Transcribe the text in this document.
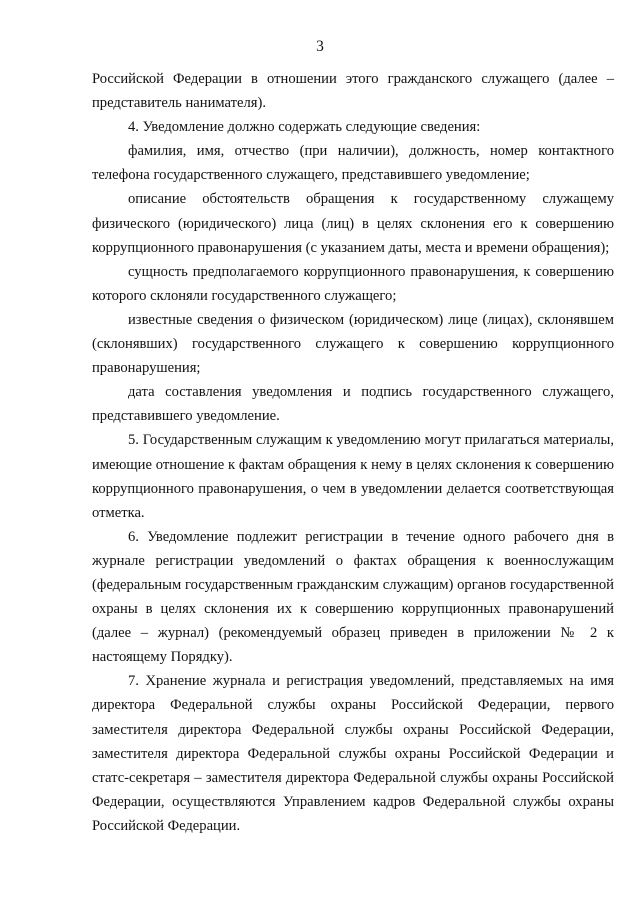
3

Российской Федерации в отношении этого гражданского служащего (далее – представитель нанимателя).

4. Уведомление должно содержать следующие сведения:

фамилия, имя, отчество (при наличии), должность, номер контактного телефона государственного служащего, представившего уведомление;

описание обстоятельств обращения к государственному служащему физического (юридического) лица (лиц) в целях склонения его к совершению коррупционного правонарушения (с указанием даты, места и времени обращения);

сущность предполагаемого коррупционного правонарушения, к совершению которого склоняли государственного служащего;

известные сведения о физическом (юридическом) лице (лицах), склонявшем (склонявших) государственного служащего к совершению коррупционного правонарушения;

дата составления уведомления и подпись государственного служащего, представившего уведомление.

5. Государственным служащим к уведомлению могут прилагаться материалы, имеющие отношение к фактам обращения к нему в целях склонения к совершению коррупционного правонарушения, о чем в уведомлении делается соответствующая отметка.

6. Уведомление подлежит регистрации в течение одного рабочего дня в журнале регистрации уведомлений о фактах обращения к военнослужащим (федеральным государственным гражданским служащим) органов государственной охраны в целях склонения их к совершению коррупционных правонарушений (далее – журнал) (рекомендуемый образец приведен в приложении № 2 к настоящему Порядку).

7. Хранение журнала и регистрация уведомлений, представляемых на имя директора Федеральной службы охраны Российской Федерации, первого заместителя директора Федеральной службы охраны Российской Федерации, заместителя директора Федеральной службы охраны Российской Федерации и статс-секретаря – заместителя директора Федеральной службы охраны Российской Федерации, осуществляются Управлением кадров Федеральной службы охраны Российской Федерации.
